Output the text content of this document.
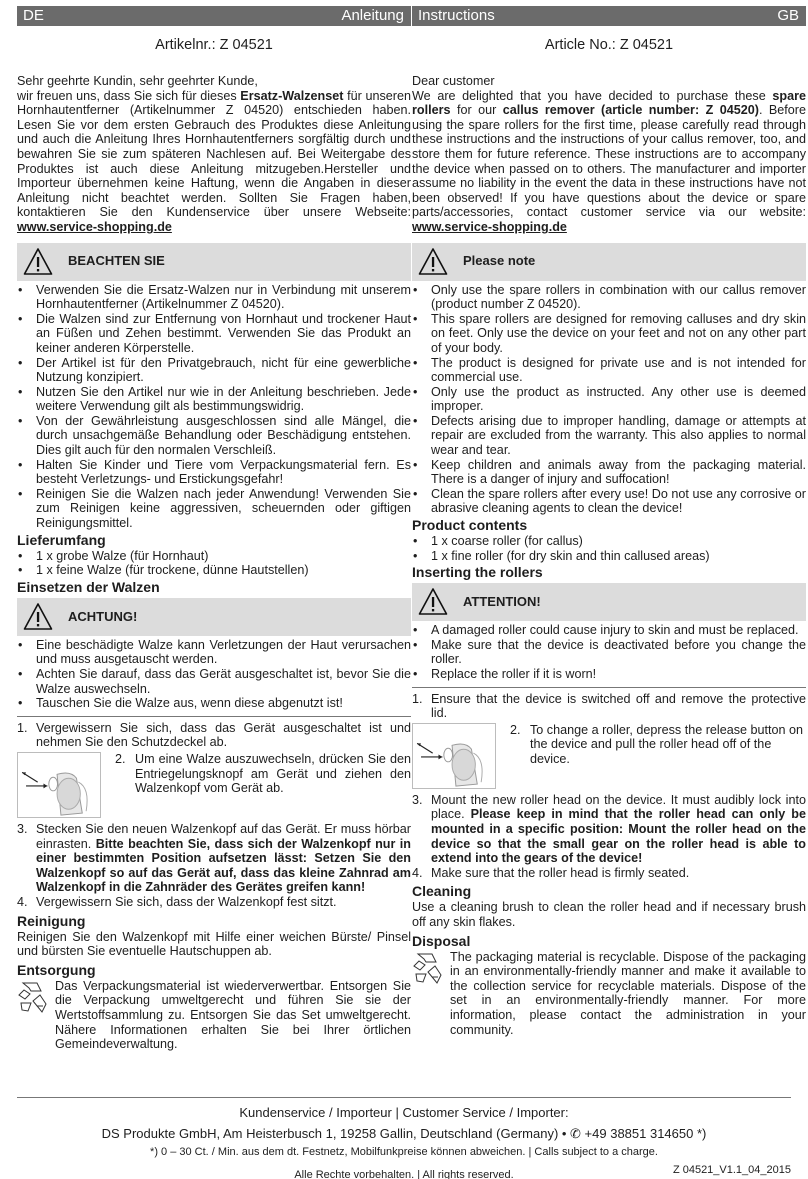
DE	Anleitung
Artikelnr.: Z 04521
Sehr geehrte Kundin, sehr geehrter Kunde,
wir freuen uns, dass Sie sich für dieses Ersatz-Walzenset für unseren Hornhautentferner (Artikelnummer Z 04520) entschieden haben. Lesen Sie vor dem ersten Gebrauch des Produktes diese Anleitung und auch die Anleitung Ihres Hornhautentferners sorgfältig durch und bewahren Sie sie zum späteren Nachlesen auf. Bei Weitergabe des Produktes ist auch diese Anleitung mitzugeben.Hersteller und Importeur übernehmen keine Haftung, wenn die Angaben in dieser Anleitung nicht beachtet werden. Sollten Sie Fragen haben, kontaktieren Sie den Kundenservice über unsere Webseite: www.service-shopping.de
BEACHTEN SIE
• Verwenden Sie die Ersatz-Walzen nur in Verbindung mit unserem Hornhautentferner (Artikelnummer Z 04520).
• Die Walzen sind zur Entfernung von Hornhaut und trockener Haut an Füßen und Zehen bestimmt. Verwenden Sie das Produkt an keiner anderen Körperstelle.
• Der Artikel ist für den Privatgebrauch, nicht für eine gewerbliche Nutzung konzipiert.
• Nutzen Sie den Artikel nur wie in der Anleitung beschrieben. Jede weitere Verwendung gilt als bestimmungswidrig.
• Von der Gewährleistung ausgeschlossen sind alle Mängel, die durch unsachgemäße Behandlung oder Beschädigung entstehen. Dies gilt auch für den normalen Verschleiß.
• Halten Sie Kinder und Tiere vom Verpackungsmaterial fern. Es besteht Verletzungs- und Erstickungsgefahr!
• Reinigen Sie die Walzen nach jeder Anwendung! Verwenden Sie zum Reinigen keine aggressiven, scheuernden oder giftigen Reinigungsmittel.
Lieferumfang
• 1 x grobe Walze (für Hornhaut)
• 1 x feine Walze (für trockene, dünne Hautstellen)
Einsetzen der Walzen
ACHTUNG!
• Eine beschädigte Walze kann Verletzungen der Haut verursachen und muss ausgetauscht werden.
• Achten Sie darauf, dass das Gerät ausgeschaltet ist, bevor Sie die Walze auswechseln.
• Tauschen Sie die Walze aus, wenn diese abgenutzt ist!
1. Vergewissern Sie sich, dass das Gerät ausgeschaltet ist und nehmen Sie den Schutzdeckel ab.
2. Um eine Walze auszuwechseln, drücken Sie den Entriegelungsknopf am Gerät und ziehen den Walzenkopf vom Gerät ab.
3. Stecken Sie den neuen Walzenkopf auf das Gerät. Er muss hörbar einrasten. Bitte beachten Sie, dass sich der Walzenkopf nur in einer bestimmten Position aufsetzen lässt: Setzen Sie den Walzenkopf so auf das Gerät auf, dass das kleine Zahnrad am Walzenkopf in die Zahnräder des Gerätes greifen kann!
4. Vergewissern Sie sich, dass der Walzenkopf fest sitzt.
Reinigung
Reinigen Sie den Walzenkopf mit Hilfe einer weichen Bürste/ Pinsel und bürsten Sie eventuelle Hautschuppen ab.
Entsorgung
Das Verpackungsmaterial ist wiederverwertbar. Entsorgen Sie die Verpackung umweltgerecht und führen Sie sie der Wertstoffsammlung zu. Entsorgen Sie das Set umweltgerecht. Nähere Informationen erhalten Sie bei Ihrer örtlichen Gemeindeverwaltung.
Instructions	GB
Article No.: Z 04521
Dear customer
We are delighted that you have decided to purchase these spare rollers for our callus remover (article number: Z 04520). Before using the spare rollers for the first time, please carefully read through these instructions and the instructions of your callus remover, too, and store them for future reference. These instructions are to accompany the device when passed on to others. The manufacturer and importer assume no liability in the event the data in these instructions have not been observed! If you have questions about the device or spare parts/accessories, contact customer service via our website: www.service-shopping.de
Please note
• Only use the spare rollers in combination with our callus remover (product number Z 04520).
• This spare rollers are designed for removing calluses and dry skin on feet. Only use the device on your feet and not on any other part of your body.
• The product is designed for private use and is not intended for commercial use.
• Only use the product as instructed. Any other use is deemed improper.
• Defects arising due to improper handling, damage or attempts at repair are excluded from the warranty. This also applies to normal wear and tear.
• Keep children and animals away from the packaging material. There is a danger of injury and suffocation!
• Clean the spare rollers after every use! Do not use any corrosive or abrasive cleaning agents to clean the device!
Product contents
• 1 x coarse roller (for callus)
• 1 x fine roller (for dry skin and thin callused areas)
Inserting the rollers
ATTENTION!
• A damaged roller could cause injury to skin and must be replaced.
• Make sure that the device is deactivated before you change the roller.
• Replace the roller if it is worn!
1. Ensure that the device is switched off and remove the protective lid.
2. To change a roller, depress the release button on the device and pull the roller head off of the device.
3. Mount the new roller head on the device. It must audibly lock into place. Please keep in mind that the roller head can only be mounted in a specific position: Mount the roller head on the device so that the small gear on the roller head is able to extend into the gears of the device!
4. Make sure that the roller head is firmly seated.
Cleaning
Use a cleaning brush to clean the roller head and if necessary brush off any skin flakes.
Disposal
The packaging material is recyclable. Dispose of the packaging in an environmentally-friendly manner and make it available to the collection service for recyclable materials. Dispose of the set in an environmentally-friendly manner. For more information, please contact the administration in your community.
Kundenservice / Importeur | Customer Service / Importer:
DS Produkte GmbH, Am Heisterbusch 1, 19258 Gallin, Deutschland (Germany) • ✆ +49 38851 314650 *)
*) 0 – 30 Ct. / Min. aus dem dt. Festnetz, Mobilfunkpreise können abweichen. | Calls subject to a charge.
Alle Rechte vorbehalten. | All rights reserved.	Z 04521_V1.1_04_2015
